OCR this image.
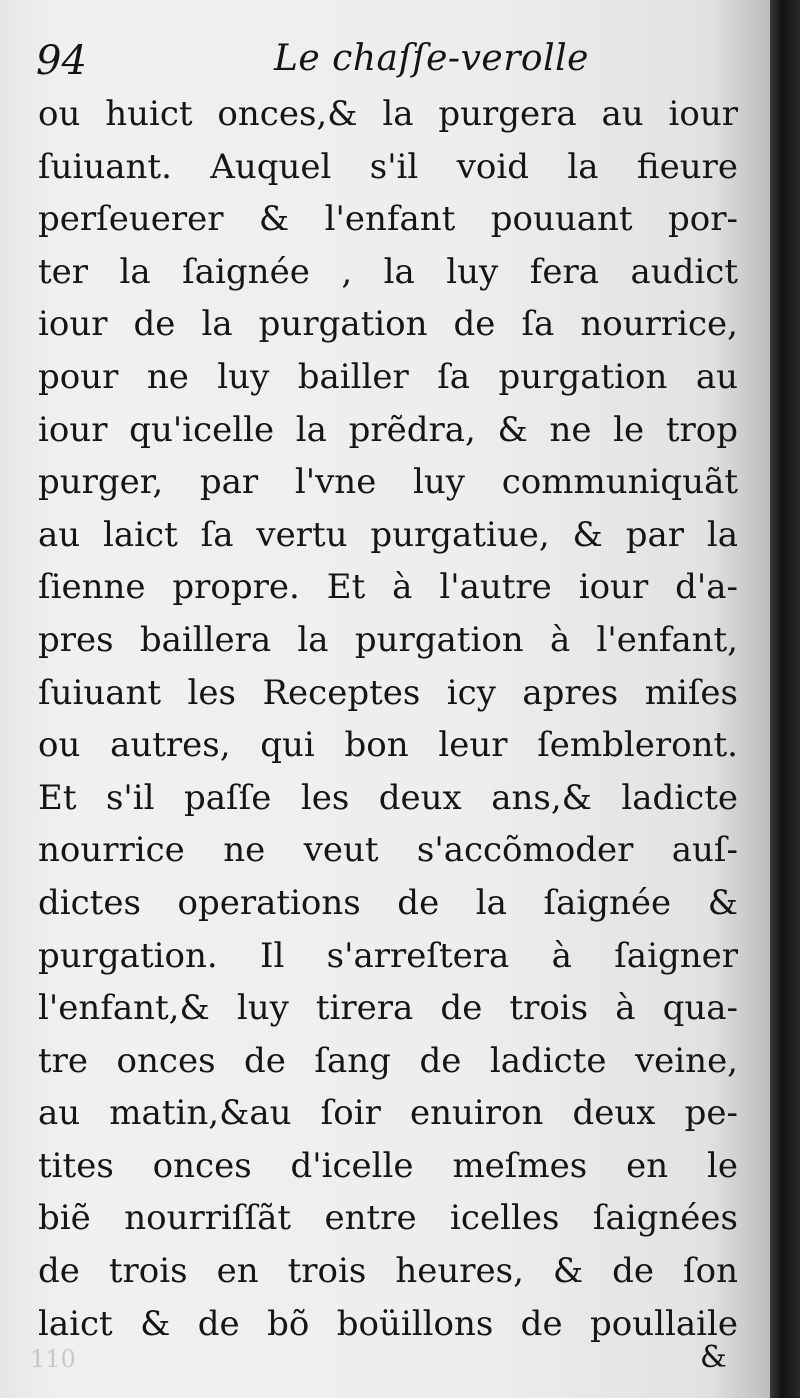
94	Le chaſſe-verolle
ou huict onces,& la purgera au iour
ſuiuant. Auquel s'il void la fieure
perſeuerer & l'enfant pouuant por-
ter la ſaignée , la luy fera audict
iour de la purgation de ſa nourrice,
pour ne luy bailler ſa purgation au
iour qu'icelle la prẽdra, & ne le trop
purger, par l'vne luy communiquãt
au laict ſa vertu purgatiue, & par la
ſienne propre. Et à l'autre iour d'a-
pres baillera la purgation à l'enfant,
ſuiuant les Receptes icy apres miſes
ou autres, qui bon leur ſembleront.
Et s'il paſſe les deux ans,& ladicte
nourrice ne veut s'accõmoder auſ-
dictes operations de la ſaignée &
purgation. Il s'arreſtera à ſaigner
l'enfant,& luy tirera de trois à qua-
tre onces de ſang de ladicte veine,
au matin,&au ſoir enuiron deux pe-
tites onces d'icelle meſmes en le
biẽ nourriſſãt entre icelles ſaignées
de trois en trois heures, & de ſon
laict & de bõ boüillons de poullaile
110	&
